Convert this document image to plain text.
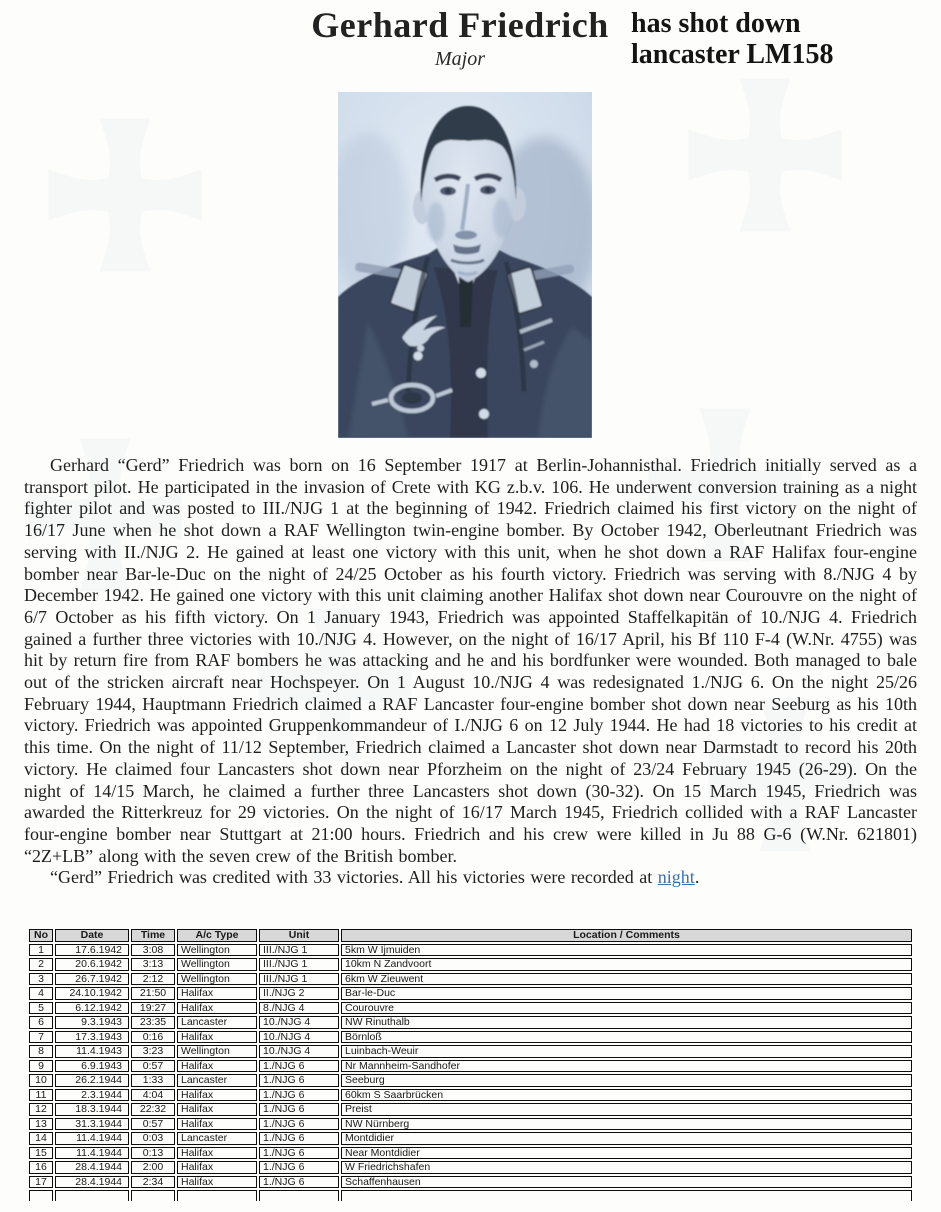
Gerhard Friedrich
Major
has shot down
lancaster LM158

Gerhard “Gerd” Friedrich was born on 16 September 1917 at Berlin-Johannisthal. Friedrich initially served as a transport pilot. He participated in the invasion of Crete with KG z.b.v. 106. He underwent conversion training as a night fighter pilot and was posted to III./NJG 1 at the beginning of 1942. Friedrich claimed his first victory on the night of 16/17 June when he shot down a RAF Wellington twin-engine bomber. By October 1942, Oberleutnant Friedrich was serving with II./NJG 2. He gained at least one victory with this unit, when he shot down a RAF Halifax four-engine bomber near Bar-le-Duc on the night of 24/25 October as his fourth victory. Friedrich was serving with 8./NJG 4 by December 1942. He gained one victory with this unit claiming another Halifax shot down near Courouvre on the night of 6/7 October as his fifth victory. On 1 January 1943, Friedrich was appointed Staffelkapitän of 10./NJG 4. Friedrich gained a further three victories with 10./NJG 4. However, on the night of 16/17 April, his Bf 110 F-4 (W.Nr. 4755) was hit by return fire from RAF bombers he was attacking and he and his bordfunker were wounded. Both managed to bale out of the stricken aircraft near Hochspeyer. On 1 August 10./NJG 4 was redesignated 1./NJG 6. On the night 25/26 February 1944, Hauptmann Friedrich claimed a RAF Lancaster four-engine bomber shot down near Seeburg as his 10th victory. Friedrich was appointed Gruppenkommandeur of I./NJG 6 on 12 July 1944. He had 18 victories to his credit at this time. On the night of 11/12 September, Friedrich claimed a Lancaster shot down near Darmstadt to record his 20th victory. He claimed four Lancasters shot down near Pforzheim on the night of 23/24 February 1945 (26-29). On the night of 14/15 March, he claimed a further three Lancasters shot down (30-32). On 15 March 1945, Friedrich was awarded the Ritterkreuz for 29 victories. On the night of 16/17 March 1945, Friedrich collided with a RAF Lancaster four-engine bomber near Stuttgart at 21:00 hours. Friedrich and his crew were killed in Ju 88 G-6 (W.Nr. 621801) “2Z+LB” along with the seven crew of the British bomber.

“Gerd” Friedrich was credited with 33 victories. All his victories were recorded at night.

No	Date	Time	A/c Type	Unit	Location / Comments
1	17.6.1942	3:08	Wellington	III./NJG 1	5km W Ijmuiden
2	20.6.1942	3:13	Wellington	III./NJG 1	10km N Zandvoort
3	26.7.1942	2:12	Wellington	III./NJG 1	6km W Zieuwent
4	24.10.1942	21:50	Halifax	II./NJG 2	Bar-le-Duc
5	6.12.1942	19:27	Halifax	8./NJG 4	Courouvre
6	9.3.1943	23:35	Lancaster	10./NJG 4	NW Rinuthalb
7	17.3.1943	0:16	Halifax	10./NJG 4	Börnloß
8	11.4.1943	3:23	Wellington	10./NJG 4	Luinbach-Weuir
9	6.9.1943	0:57	Halifax	1./NJG 6	Nr Mannheim-Sandhofer
10	26.2.1944	1:33	Lancaster	1./NJG 6	Seeburg
11	2.3.1944	4:04	Halifax	1./NJG 6	60km S Saarbrücken
12	18.3.1944	22:32	Halifax	1./NJG 6	Preist
13	31.3.1944	0:57	Halifax	1./NJG 6	NW Nürnberg
14	11.4.1944	0:03	Lancaster	1./NJG 6	Montdidier
15	11.4.1944	0:13	Halifax	1./NJG 6	Near Montdidier
16	28.4.1944	2:00	Halifax	1./NJG 6	W Friedrichshafen
17	28.4.1944	2:34	Halifax	1./NJG 6	Schaffenhausen
